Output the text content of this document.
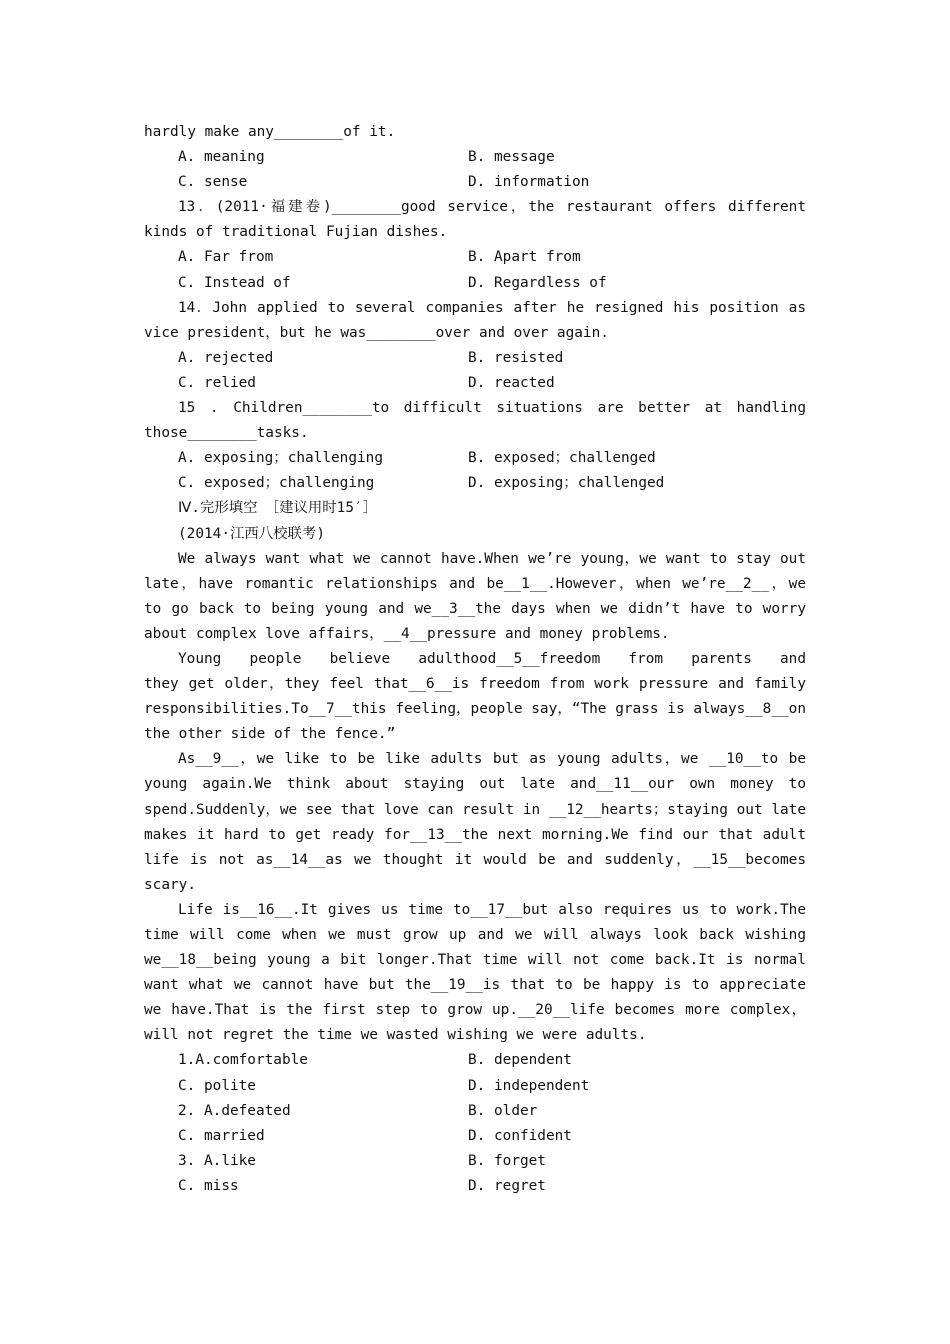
hardly make any________of it.
A. meaning	B. message
C. sense	D. information
13．(2011·福建卷)________good service，the restaurant offers different
kinds of traditional Fujian dishes.
A. Far from	B. Apart from
C. Instead of	D. Regardless of
14．John applied to several companies after he resigned his position as
vice president，but he was________over and over again.
A. rejected	B. resisted
C. relied	D. reacted
15 . Children________to difficult situations are better at handling
those________tasks.
A. exposing；challenging	B. exposed；challenged
C. exposed；challenging	D. exposing；challenged
Ⅳ.完形填空　［建议用时15′］
(2014·江西八校联考)
We always want what we cannot have.When we’re young，we want to stay out
late，have romantic relationships and be__1__.However，when we’re__2__，we
to go back to being young and we__3__the days when we didn’t have to worry
about complex love affairs，__4__pressure and money problems.
Young people believe adulthood__5__freedom from parents and
they get older，they feel that__6__is freedom from work pressure and family
responsibilities.To__7__this feeling，people say，“The grass is always__8__on
the other side of the fence.”
As__9__，we like to be like adults but as young adults，we __10__to be
young again.We think about staying out late and__11__our own money to
spend.Suddenly，we see that love can result in __12__hearts；staying out late
makes it hard to get ready for__13__the next morning.We find our that adult
life is not as__14__as we thought it would be and suddenly，__15__becomes
scary.
Life is__16__.It gives us time to__17__but also requires us to work.The
time will come when we must grow up and we will always look back wishing
we__18__being young a bit longer.That time will not come back.It is normal
want what we cannot have but the__19__is that to be happy is to appreciate
we have.That is the first step to grow up.__20__life becomes more complex，
will not regret the time we wasted wishing we were adults.
1.A.comfortable	B. dependent
C. polite	D. independent
2. A.defeated	B. older
C. married	D. confident
3. A.like	B. forget
C. miss	D. regret
